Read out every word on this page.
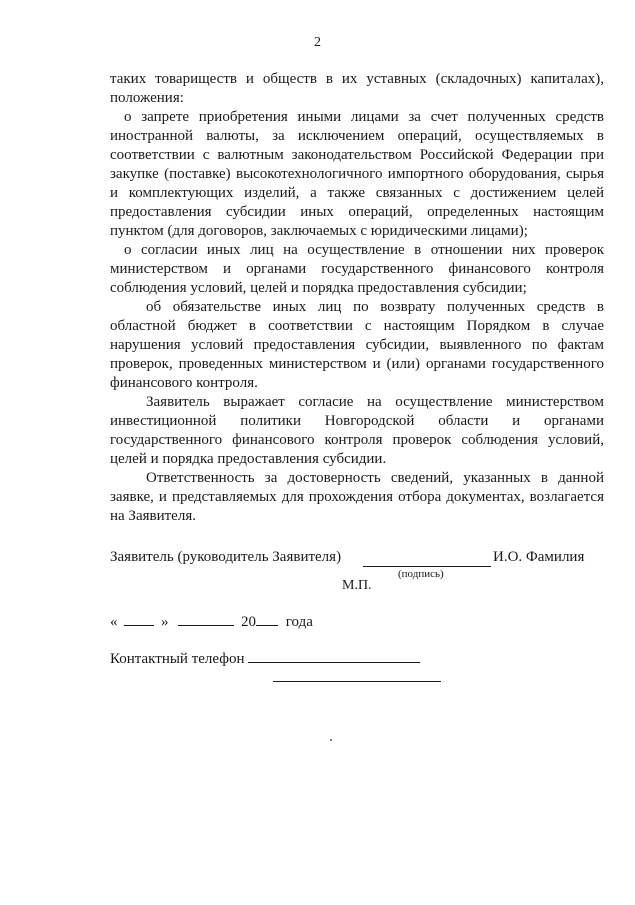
2

таких товариществ и обществ в их уставных (складочных) капиталах), положения:

о запрете приобретения иными лицами за счет полученных средств иностранной валюты, за исключением операций, осуществляемых в соответствии с валютным законодательством Российской Федерации при закупке (поставке) высокотехнологичного импортного оборудования, сырья и комплектующих изделий, а также связанных с достижением целей предоставления субсидии иных операций, определенных настоящим пунктом (для договоров, заключаемых с юридическими лицами);

о согласии иных лиц на осуществление в отношении них проверок министерством и органами государственного финансового контроля соблюдения условий, целей и порядка предоставления субсидии;

об обязательстве иных лиц по возврату полученных средств в областной бюджет в соответствии с настоящим Порядком в случае нарушения условий предоставления субсидии, выявленного по фактам проверок, проведенных министерством и (или) органами государственного финансового контроля.

Заявитель выражает согласие на осуществление министерством инвестиционной политики Новгородской области и органами государственного финансового контроля проверок соблюдения условий, целей и порядка предоставления субсидии.

Ответственность за достоверность сведений, указанных в данной заявке, и представляемых для прохождения отбора документах, возлагается на Заявителя.

Заявитель (руководитель Заявителя)	И.О. Фамилия
(подпись)
М.П.
«	»	20 года
Контактный телефон
